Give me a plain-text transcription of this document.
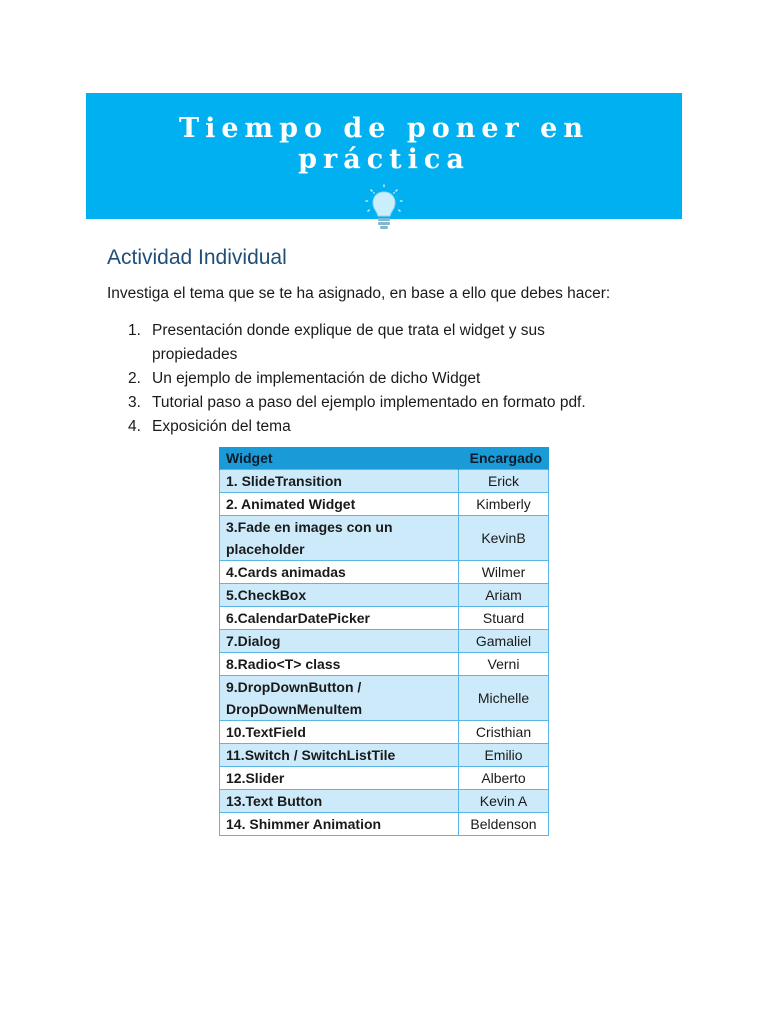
Tiempo de poner en práctica
Actividad Individual

Investiga el tema que se te ha asignado, en base a ello que debes hacer:

1. Presentación donde explique de que trata el widget y sus propiedades
2. Un ejemplo de implementación de dicho Widget
3. Tutorial paso a paso del ejemplo implementado en formato pdf.
4. Exposición del tema
Widget	Encargado
1. SlideTransition	Erick
2. Animated Widget	Kimberly
3.Fade en images con un placeholder	KevinB
4.Cards animadas	Wilmer
5.CheckBox	Ariam
6.CalendarDatePicker	Stuard
7.Dialog	Gamaliel
8.Radio<T> class	Verni
9.DropDownButton / DropDownMenuItem	Michelle
10.TextField	Cristhian
11.Switch / SwitchListTile	Emilio
12.Slider	Alberto
13.Text Button	Kevin A
14. Shimmer Animation	Beldenson
